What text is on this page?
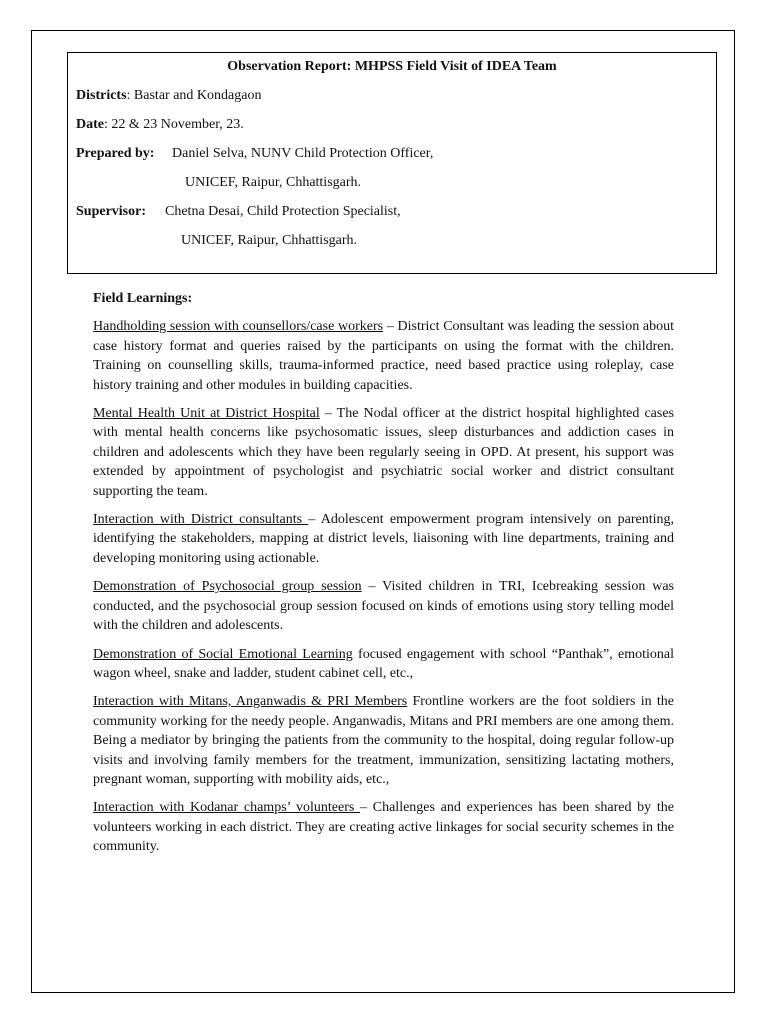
Observation Report: MHPSS Field Visit of IDEA Team
Districts: Bastar and Kondagaon
Date: 22 & 23 November, 23.
Prepared by: Daniel Selva, NUNV Child Protection Officer,
UNICEF, Raipur, Chhattisgarh.
Supervisor: Chetna Desai, Child Protection Specialist,
UNICEF, Raipur, Chhattisgarh.
Field Learnings:

Handholding session with counsellors/case workers – District Consultant was leading the session about case history format and queries raised by the participants on using the format with the children. Training on counselling skills, trauma-informed practice, need based practice using roleplay, case history training and other modules in building capacities.

Mental Health Unit at District Hospital – The Nodal officer at the district hospital highlighted cases with mental health concerns like psychosomatic issues, sleep disturbances and addiction cases in children and adolescents which they have been regularly seeing in OPD. At present, his support was extended by appointment of psychologist and psychiatric social worker and district consultant supporting the team.

Interaction with District consultants – Adolescent empowerment program intensively on parenting, identifying the stakeholders, mapping at district levels, liaisoning with line departments, training and developing monitoring using actionable.

Demonstration of Psychosocial group session – Visited children in TRI, Icebreaking session was conducted, and the psychosocial group session focused on kinds of emotions using story telling model with the children and adolescents.

Demonstration of Social Emotional Learning focused engagement with school “Panthak”, emotional wagon wheel, snake and ladder, student cabinet cell, etc.,

Interaction with Mitans, Anganwadis & PRI Members Frontline workers are the foot soldiers in the community working for the needy people. Anganwadis, Mitans and PRI members are one among them. Being a mediator by bringing the patients from the community to the hospital, doing regular follow-up visits and involving family members for the treatment, immunization, sensitizing lactating mothers, pregnant woman, supporting with mobility aids, etc.,

Interaction with Kodanar champs’ volunteers – Challenges and experiences has been shared by the volunteers working in each district. They are creating active linkages for social security schemes in the community.
